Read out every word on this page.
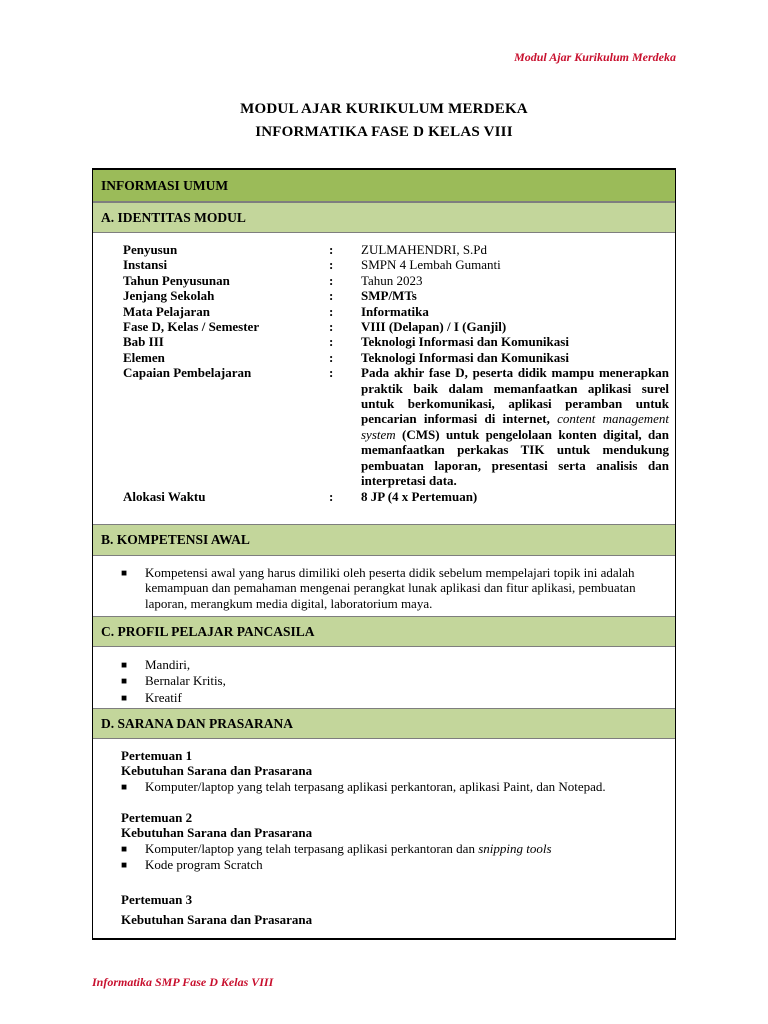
Modul Ajar Kurikulum Merdeka
MODUL AJAR KURIKULUM MERDEKA
INFORMATIKA FASE D KELAS VIII
INFORMASI UMUM
A. IDENTITAS MODUL
Penyusun	:	ZULMAHENDRI, S.Pd
Instansi	:	SMPN 4 Lembah Gumanti
Tahun Penyusunan	:	Tahun 2023
Jenjang Sekolah	:	SMP/MTs
Mata Pelajaran	:	Informatika
Fase D, Kelas / Semester	:	VIII (Delapan) / I (Ganjil)
Bab III	:	Teknologi Informasi dan Komunikasi
Elemen	:	Teknologi Informasi dan Komunikasi
Capaian Pembelajaran	:	Pada akhir fase D, peserta didik mampu menerapkan praktik baik dalam memanfaatkan aplikasi surel untuk berkomunikasi, aplikasi peramban untuk pencarian informasi di internet, content management system (CMS) untuk pengelolaan konten digital, dan memanfaatkan perkakas TIK untuk mendukung pembuatan laporan, presentasi serta analisis dan interpretasi data.
Alokasi Waktu	:	8 JP (4 x Pertemuan)
B. KOMPETENSI AWAL
■	Kompetensi awal yang harus dimiliki oleh peserta didik sebelum mempelajari topik ini adalah kemampuan dan pemahaman mengenai perangkat lunak aplikasi dan fitur aplikasi, pembuatan laporan, merangkum media digital, laboratorium maya.
C. PROFIL PELAJAR PANCASILA
■	Mandiri,
■	Bernalar Kritis,
■	Kreatif
D. SARANA DAN PRASARANA
Pertemuan 1
Kebutuhan Sarana dan Prasarana
■	Komputer/laptop yang telah terpasang aplikasi perkantoran, aplikasi Paint, dan Notepad.
Pertemuan 2
Kebutuhan Sarana dan Prasarana
■	Komputer/laptop yang telah terpasang aplikasi perkantoran dan snipping tools
■	Kode program Scratch
Pertemuan 3
Kebutuhan Sarana dan Prasarana
Informatika SMP Fase D Kelas VIII
